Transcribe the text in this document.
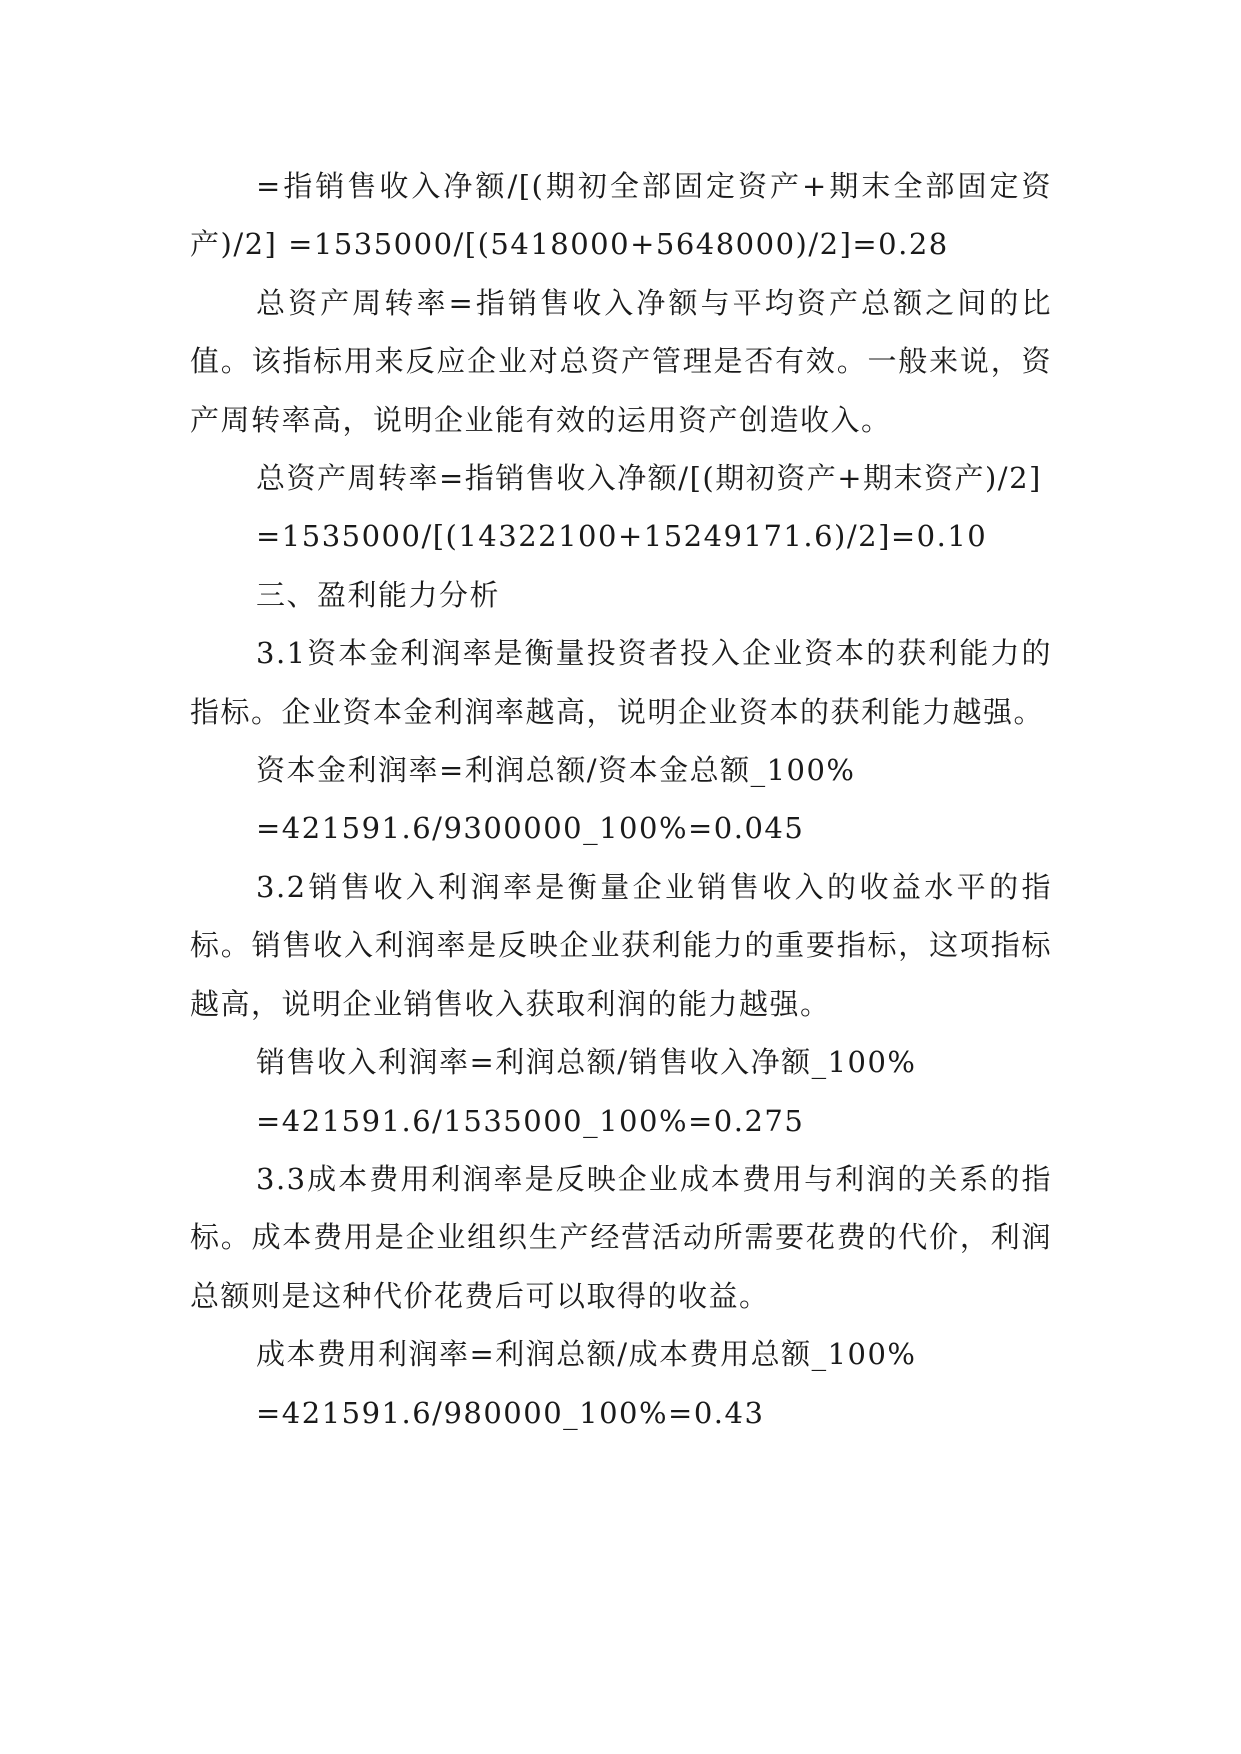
=指销售收入净额/[(期初全部固定资产+期末全部固定资产)/2] =1535000/[(5418000+5648000)/2]=0.28

总资产周转率=指销售收入净额与平均资产总额之间的比值。该指标用来反应企业对总资产管理是否有效。一般来说，资产周转率高，说明企业能有效的运用资产创造收入。

总资产周转率=指销售收入净额/[(期初资产+期末资产)/2]

=1535000/[(14322100+15249171.6)/2]=0.10

三、盈利能力分析

3.1资本金利润率是衡量投资者投入企业资本的获利能力的指标。企业资本金利润率越高，说明企业资本的获利能力越强。

资本金利润率=利润总额/资本金总额_100%

=421591.6/9300000_100%=0.045

3.2销售收入利润率是衡量企业销售收入的收益水平的指标。销售收入利润率是反映企业获利能力的重要指标，这项指标越高，说明企业销售收入获取利润的能力越强。

销售收入利润率=利润总额/销售收入净额_100%

=421591.6/1535000_100%=0.275

3.3成本费用利润率是反映企业成本费用与利润的关系的指标。成本费用是企业组织生产经营活动所需要花费的代价，利润总额则是这种代价花费后可以取得的收益。

成本费用利润率=利润总额/成本费用总额_100%

=421591.6/980000_100%=0.43
